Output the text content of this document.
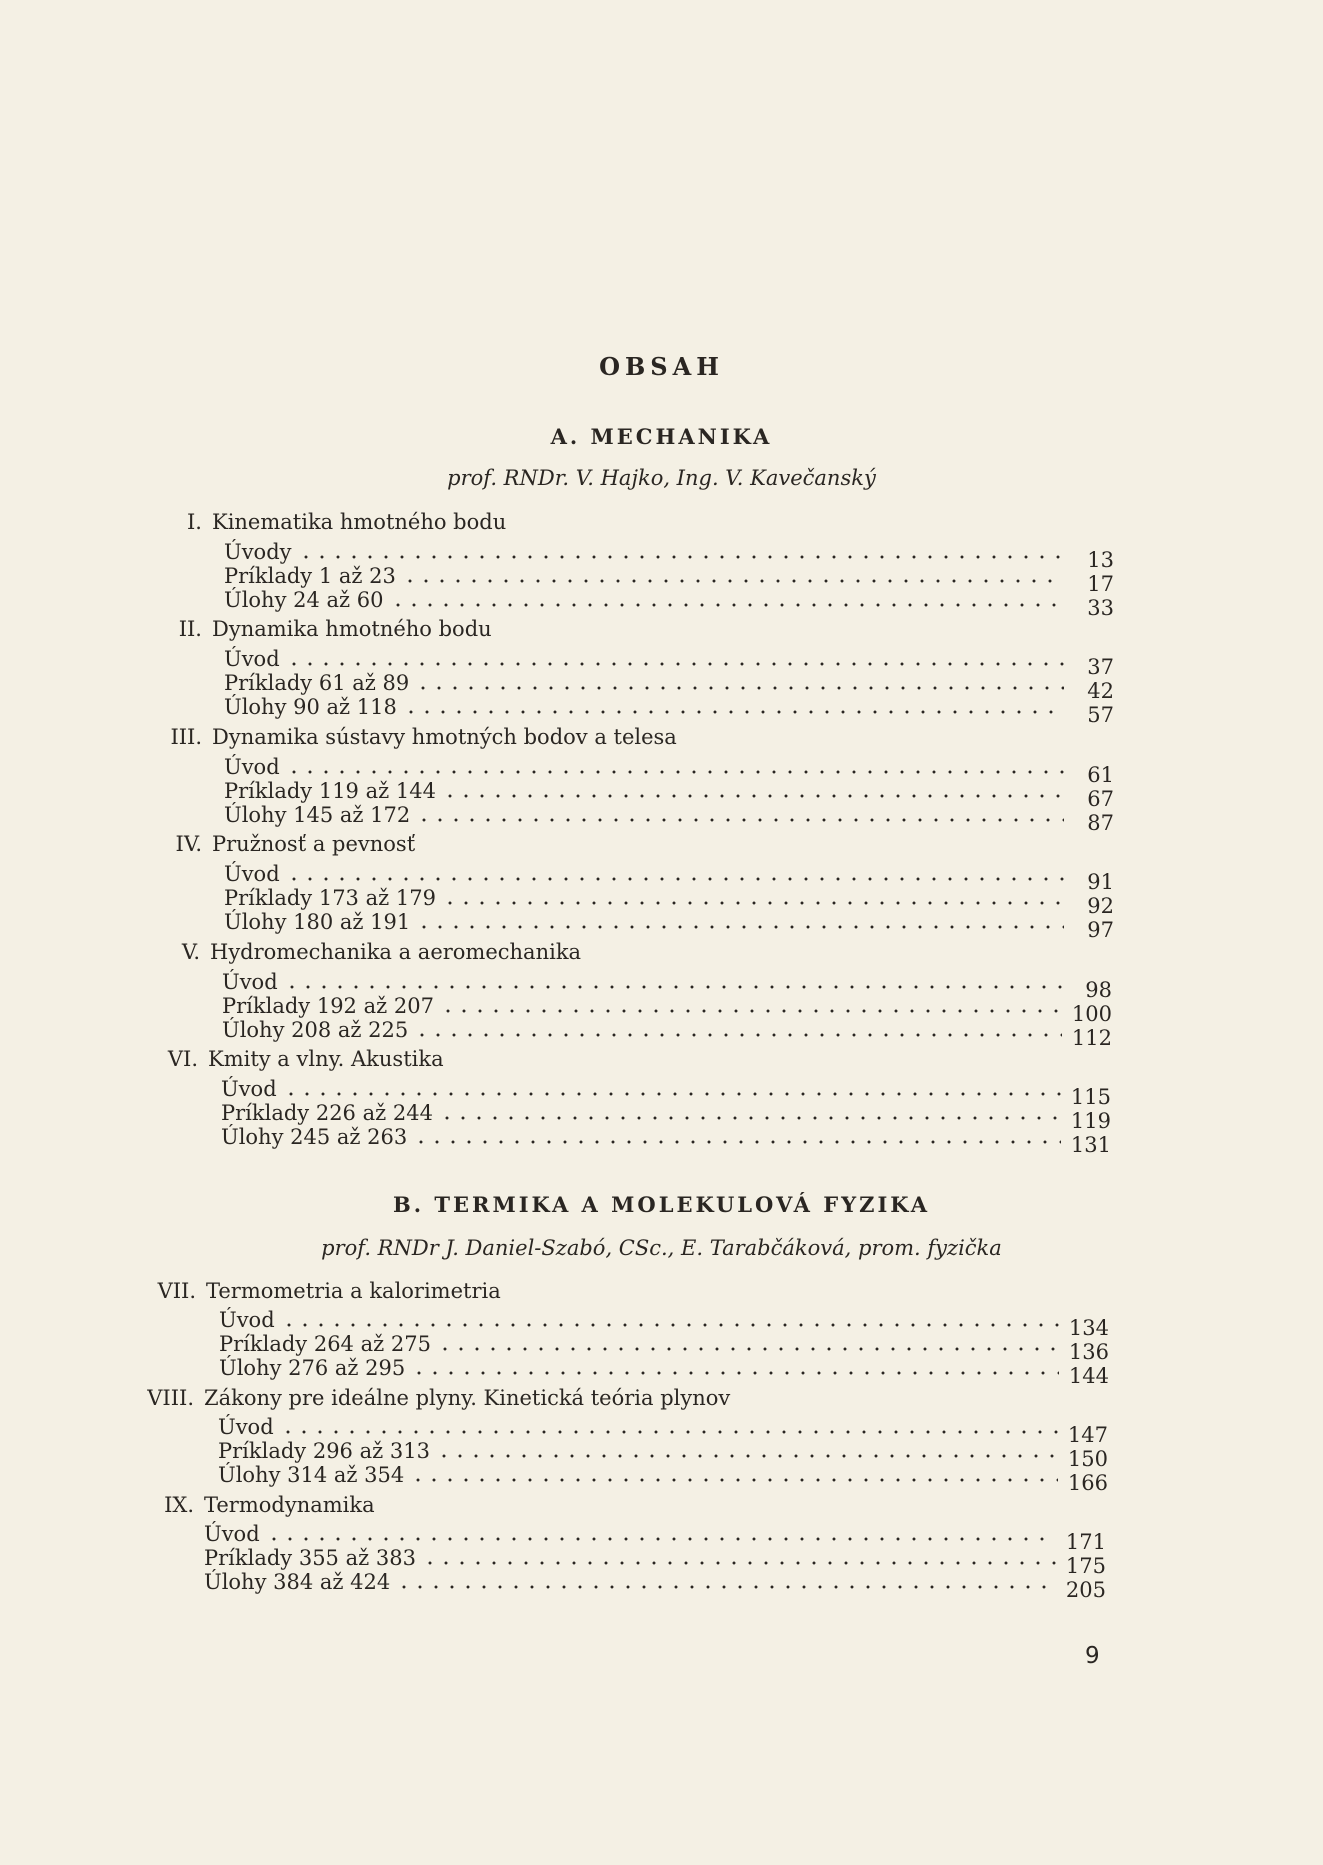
OBSAH
A. MECHANIKA
prof. RNDr. V. Hajko, Ing. V. Kavečanský
I. Kinematika hmotného bodu
Úvody	13
Príklady 1 až 23	17
Úlohy 24 až 60	33
II. Dynamika hmotného bodu
Úvod	37
Príklady 61 až 89	42
Úlohy 90 až 118	57
III. Dynamika sústavy hmotných bodov a telesa
Úvod	61
Príklady 119 až 144	67
Úlohy 145 až 172	87
IV. Pružnosť a pevnosť
Úvod	91
Príklady 173 až 179	92
Úlohy 180 až 191	97
V. Hydromechanika a aeromechanika
Úvod	98
Príklady 192 až 207	100
Úlohy 208 až 225	112
VI. Kmity a vlny. Akustika
Úvod	115
Príklady 226 až 244	119
Úlohy 245 až 263	131
B. TERMIKA A MOLEKULOVÁ FYZIKA
prof. RNDr J. Daniel-Szabó, CSc., E. Tarabčáková, prom. fyzička
VII. Termometria a kalorimetria
Úvod	134
Príklady 264 až 275	136
Úlohy 276 až 295	144
VIII. Zákony pre ideálne plyny. Kinetická teória plynov
Úvod	147
Príklady 296 až 313	150
Úlohy 314 až 354	166
IX. Termodynamika
Úvod	171
Príklady 355 až 383	175
Úlohy 384 až 424	205
9
